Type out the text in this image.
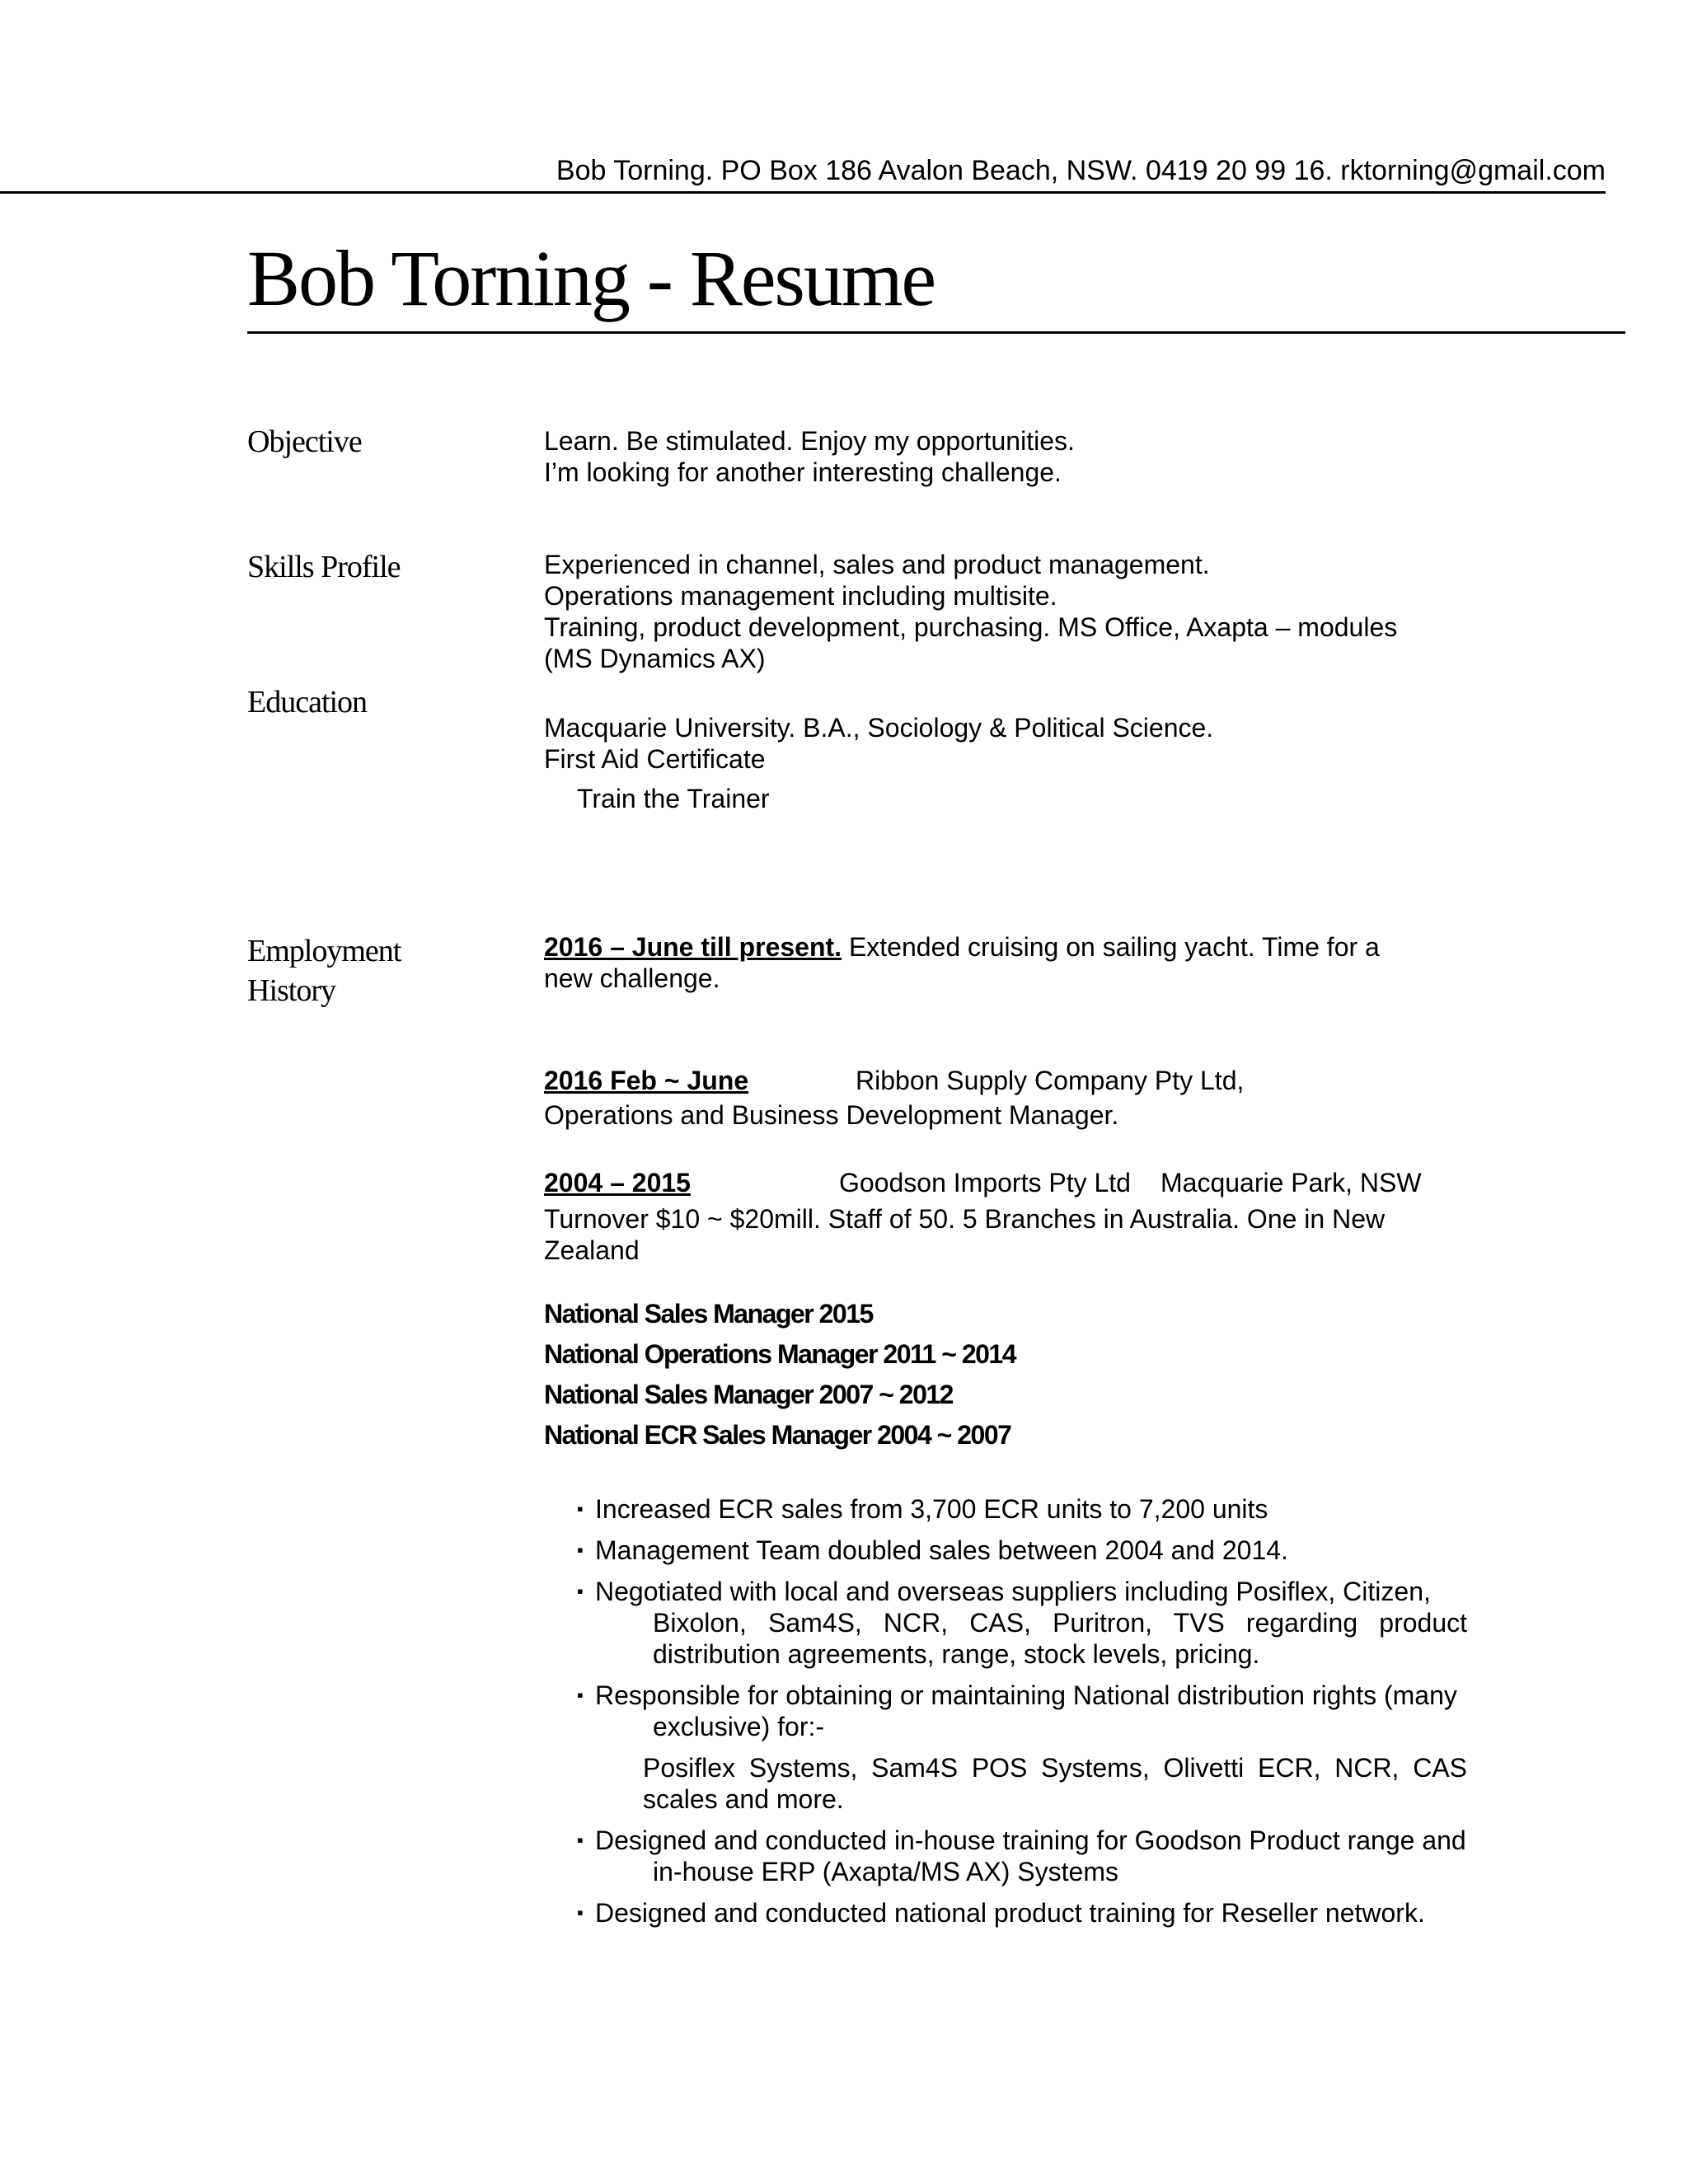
Bob Torning. PO Box 186 Avalon Beach, NSW. 0419 20 99 16. rktorning@gmail.com
Bob Torning - Resume
Objective	Learn. Be stimulated. Enjoy my opportunities.
I’m looking for another interesting challenge.
Skills Profile	Experienced in channel, sales and product management.
Operations management including multisite.
Training, product development, purchasing. MS Office, Axapta – modules
(MS Dynamics AX)
Education
Macquarie University. B.A., Sociology & Political Science.
First Aid Certificate
Train the Trainer
Employment
History
2016 – June till present. Extended cruising on sailing yacht. Time for a
new challenge.
2016 Feb ~ June	Ribbon Supply Company Pty Ltd,
Operations and Business Development Manager.
2004 – 2015	Goodson Imports Pty Ltd Macquarie Park, NSW
Turnover $10 ~ $20mill. Staff of 50. 5 Branches in Australia. One in New
Zealand
National Sales Manager 2015
National Operations Manager 2011 ~ 2014
National Sales Manager 2007 ~ 2012
National ECR Sales Manager 2004 ~ 2007
▪ Increased ECR sales from 3,700 ECR units to 7,200 units
▪ Management Team doubled sales between 2004 and 2014.
▪ Negotiated with local and overseas suppliers including Posiflex, Citizen,
Bixolon, Sam4S, NCR, CAS, Puritron, TVS regarding product distribution agreements, range, stock levels, pricing.
▪ Responsible for obtaining or maintaining National distribution rights (many
exclusive) for:-
Posiflex Systems, Sam4S POS Systems, Olivetti ECR, NCR, CAS scales and more.
▪ Designed and conducted in-house training for Goodson Product range and
in-house ERP (Axapta/MS AX) Systems
▪ Designed and conducted national product training for Reseller network.
